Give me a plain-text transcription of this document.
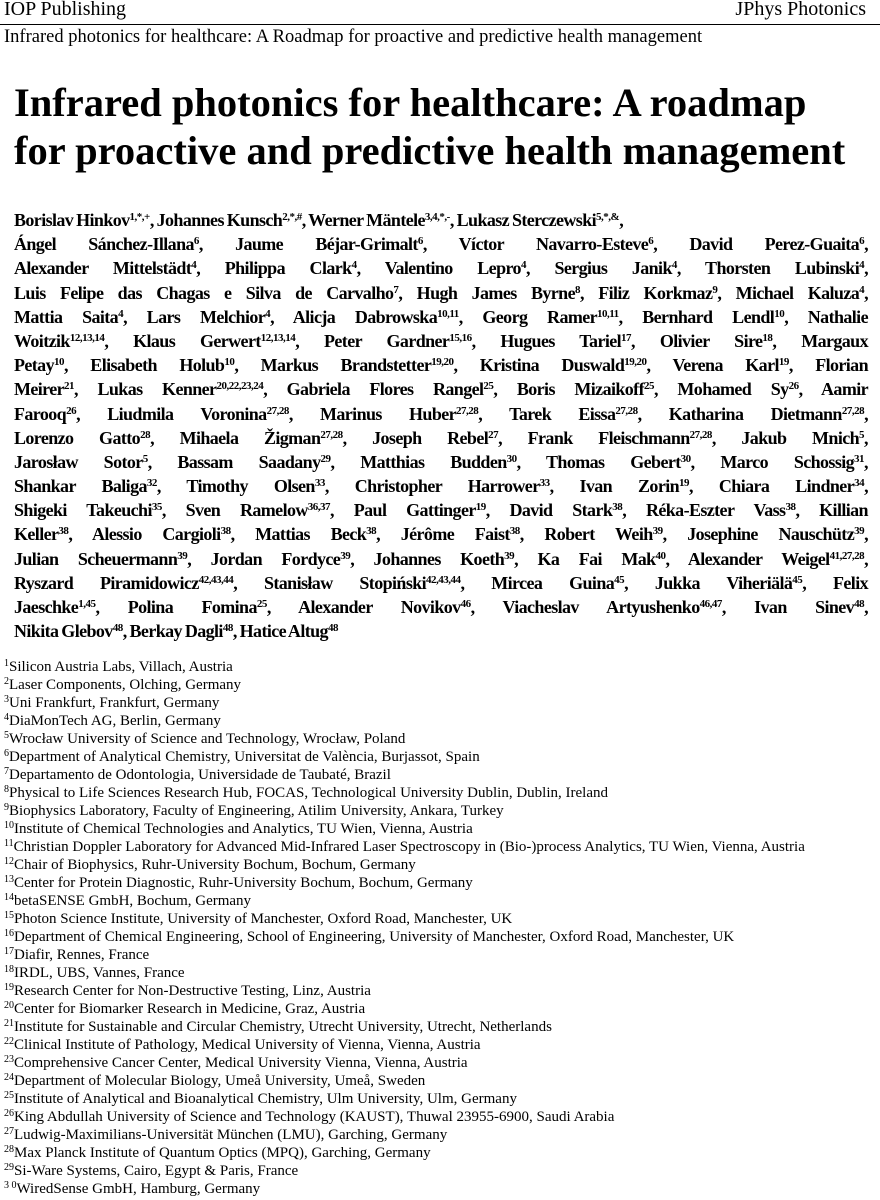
IOP Publishing	JPhys Photonics
Infrared photonics for healthcare: A Roadmap for proactive and predictive health management
Infrared photonics for healthcare: A roadmap
for proactive and predictive health management
Borislav Hinkov$^{1,*,+}$, Johannes Kunsch$^{2,*,\#}$, Werner Mäntele$^{3,4,*,-}$, Lukasz Sterczewski$^{5,*,\&}$,
Ángel Sánchez-Illana$^6$, Jaume Béjar-Grimalt$^6$, Víctor Navarro-Esteve$^6$, David Perez-Guaita$^6$,
Alexander Mittelstädt$^4$, Philippa Clark$^4$, Valentino Lepro$^4$, Sergius Janik$^4$, Thorsten Lubinski$^4$,
Luis Felipe das Chagas e Silva de Carvalho$^7$, Hugh James Byrne$^8$, Filiz Korkmaz$^9$, Michael Kaluza$^4$,
Mattia Saita$^4$, Lars Melchior$^4$, Alicja Dabrowska$^{10,11}$, Georg Ramer$^{10,11}$, Bernhard Lendl$^{10}$, Nathalie
Woitzik$^{12,13,14}$, Klaus Gerwert$^{12,13,14}$, Peter Gardner$^{15,16}$, Hugues Tariel$^{17}$, Olivier Sire$^{18}$, Margaux
Petay$^{10}$, Elisabeth Holub$^{10}$, Markus Brandstetter$^{19,20}$, Kristina Duswald$^{19,20}$, Verena Karl$^{19}$, Florian
Meirer$^{21}$, Lukas Kenner$^{20,22,23,24}$, Gabriela Flores Rangel$^{25}$, Boris Mizaikoff$^{25}$, Mohamed Sy$^{26}$, Aamir
Farooq$^{26}$, Liudmila Voronina$^{27,28}$, Marinus Huber$^{27,28}$, Tarek Eissa$^{27,28}$, Katharina Dietmann$^{27,28}$,
Lorenzo Gatto$^{28}$, Mihaela Žigman$^{27,28}$, Joseph Rebel$^{27}$, Frank Fleischmann$^{27,28}$, Jakub Mnich$^5$,
Jarosław Sotor$^5$, Bassam Saadany$^{29}$, Matthias Budden$^{30}$, Thomas Gebert$^{30}$, Marco Schossig$^{31}$,
Shankar Baliga$^{32}$, Timothy Olsen$^{33}$, Christopher Harrower$^{33}$, Ivan Zorin$^{19}$, Chiara Lindner$^{34}$,
Shigeki Takeuchi$^{35}$, Sven Ramelow$^{36,37}$, Paul Gattinger$^{19}$, David Stark$^{38}$, Réka-Eszter Vass$^{38}$, Killian
Keller$^{38}$, Alessio Cargioli$^{38}$, Mattias Beck$^{38}$, Jérôme Faist$^{38}$, Robert Weih$^{39}$, Josephine Nauschütz$^{39}$,
Julian Scheuermann$^{39}$, Jordan Fordyce$^{39}$, Johannes Koeth$^{39}$, Ka Fai Mak$^{40}$, Alexander Weigel$^{41,27,28}$,
Ryszard Piramidowicz$^{42,43,44}$, Stanisław Stopiński$^{42,43,44}$, Mircea Guina$^{45}$, Jukka Viheriälä$^{45}$, Felix
Jaeschke$^{1,45}$, Polina Fomina$^{25}$, Alexander Novikov$^{46}$, Viacheslav Artyushenko$^{46,47}$, Ivan Sinev$^{48}$,
Nikita Glebov$^{48}$, Berkay Dagli$^{48}$, Hatice Altug$^{48}$
$^1$Silicon Austria Labs, Villach, Austria
$^2$Laser Components, Olching, Germany
$^3$Uni Frankfurt, Frankfurt, Germany
$^4$DiaMonTech AG, Berlin, Germany
$^5$Wrocław University of Science and Technology, Wrocław, Poland
$^6$Department of Analytical Chemistry, Universitat de València, Burjassot, Spain
$^7$Departamento de Odontologia, Universidade de Taubaté, Brazil
$^8$Physical to Life Sciences Research Hub, FOCAS, Technological University Dublin, Dublin, Ireland
$^9$Biophysics Laboratory, Faculty of Engineering, Atilim University, Ankara, Turkey
$^{10}$Institute of Chemical Technologies and Analytics, TU Wien, Vienna, Austria
$^{11}$Christian Doppler Laboratory for Advanced Mid-Infrared Laser Spectroscopy in (Bio-)process Analytics, TU Wien, Vienna, Austria
$^{12}$Chair of Biophysics, Ruhr-University Bochum, Bochum, Germany
$^{13}$Center for Protein Diagnostic, Ruhr-University Bochum, Bochum, Germany
$^{14}$betaSENSE GmbH, Bochum, Germany
$^{15}$Photon Science Institute, University of Manchester, Oxford Road, Manchester, UK
$^{16}$Department of Chemical Engineering, School of Engineering, University of Manchester, Oxford Road, Manchester, UK
$^{17}$Diafir, Rennes, France
$^{18}$IRDL, UBS, Vannes, France
$^{19}$Research Center for Non-Destructive Testing, Linz, Austria
$^{20}$Center for Biomarker Research in Medicine, Graz, Austria
$^{21}$Institute for Sustainable and Circular Chemistry, Utrecht University, Utrecht, Netherlands
$^{22}$Clinical Institute of Pathology, Medical University of Vienna, Vienna, Austria
$^{23}$Comprehensive Cancer Center, Medical University Vienna, Vienna, Austria
$^{24}$Department of Molecular Biology, Umeå University, Umeå, Sweden
$^{25}$Institute of Analytical and Bioanalytical Chemistry, Ulm University, Ulm, Germany
$^{26}$King Abdullah University of Science and Technology (KAUST), Thuwal 23955-6900, Saudi Arabia
$^{27}$Ludwig-Maximilians-Universität München (LMU), Garching, Germany
$^{28}$Max Planck Institute of Quantum Optics (MPQ), Garching, Germany
$^{29}$Si-Ware Systems, Cairo, Egypt & Paris, France
$^{3 0}$WiredSense GmbH, Hamburg, Germany
